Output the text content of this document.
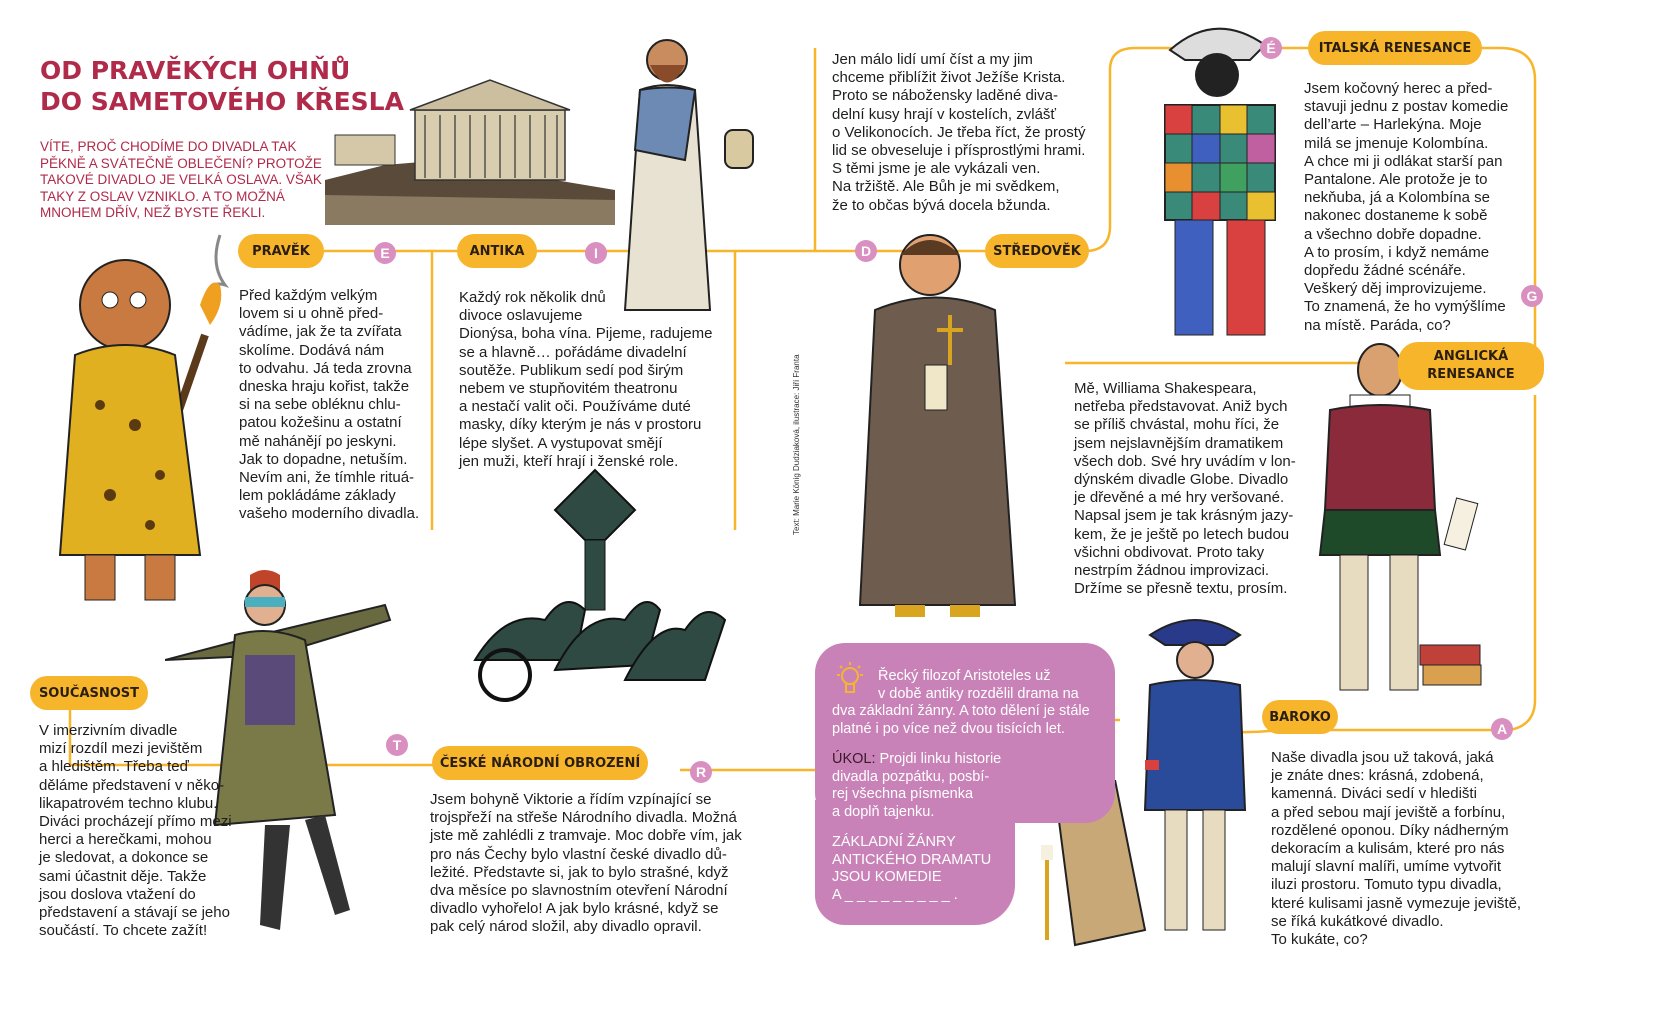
OD PRAVĚKÝCH OHŇŮ
DO SAMETOVÉHO KŘESLA
VÍTE, PROČ CHODÍME DO DIVADLA TAK
PĚKNĚ A SVÁTEČNĚ OBLEČENÍ? PROTOŽE
TAKOVÉ DIVADLO JE VELKÁ OSLAVA. VŠAK
TAKY Z OSLAV VZNIKLO. A TO MOŽNÁ
MNOHEM DŘÍV, NEŽ BYSTE ŘEKLI.
PRAVĚK	E	ANTIKA	I	D	STŘEDOVĚK
É	ITALSKÁ RENESANCE
G
ANGLICKÁ
RENESANCE
A
BAROKO
R
ČESKÉ NÁRODNÍ OBROZENÍ
T
SOUČASNOST
Před každým velkým
lovem si u ohně před-
vádíme, jak že ta zvířata
skolíme. Dodává nám
to odvahu. Já teda zrovna
dneska hraju kořist, takže
si na sebe obléknu chlu-
patou kožešinu a ostatní
mě nahánějí po jeskyni.
Jak to dopadne, netuším.
Nevím ani, že tímhle rituá-
lem pokládáme základy
vašeho moderního divadla.
Každý rok několik dnů
divoce oslavujeme
Dionýsa, boha vína. Pijeme, radujeme
se a hlavně… pořádáme divadelní
soutěže. Publikum sedí pod širým
nebem ve stupňovitém theatronu
a nestačí valit oči. Používáme duté
masky, díky kterým je nás v prostoru
lépe slyšet. A vystupovat smějí
jen muži, kteří hrají i ženské role.
Jen málo lidí umí číst a my jim
chceme přiblížit život Ježíše Krista.
Proto se nábožensky laděné diva-
delní kusy hrají v kostelích, zvlášť
o Velikonocích. Je třeba říct, že prostý
lid se obveseluje i přísprostlými hrami.
S těmi jsme je ale vykázali ven.
Na tržiště. Ale Bůh je mi svědkem,
že to občas bývá docela bžunda.
Jsem kočovný herec a před-
stavuji jednu z postav komedie
dell’arte – Harlekýna. Moje
milá se jmenuje Kolombína.
A chce mi ji odlákat starší pan
Pantalone. Ale protože je to
nekňuba, já a Kolombína se
nakonec dostaneme k sobě
a všechno dobře dopadne.
A to prosím, i když nemáme
dopředu žádné scénáře.
Veškerý děj improvizujeme.
To znamená, že ho vymýšlíme
na místě. Paráda, co?
Mě, Williama Shakespeara,
netřeba představovat. Aniž bych
se příliš chvástal, mohu říci, že
jsem nejslavnějším dramatikem
všech dob. Své hry uvádím v lon-
dýnském divadle Globe. Divadlo
je dřevěné a mé hry veršované.
Napsal jsem je tak krásným jazy-
kem, že je ještě po letech budou
všichni obdivovat. Proto taky
nestrpím žádnou improvizaci.
Držíme se přesně textu, prosím.
Naše divadla jsou už taková, jaká
je znáte dnes: krásná, zdobená,
kamenná. Diváci sedí v hledišti
a před sebou mají jeviště a forbínu,
rozdělené oponou. Díky nádherným
dekoracím a kulisám, které pro nás
malují slavní malíři, umíme vytvořit
iluzi prostoru. Tomuto typu divadla,
které kulisami jasně vymezuje jeviště,
se říká kukátkové divadlo.
To kukáte, co?
Jsem bohyně Viktorie a řídím vzpínající se
trojspřeží na střeše Národního divadla. Možná
jste mě zahlédli z tramvaje. Moc dobře vím, jak
pro nás Čechy bylo vlastní české divadlo dů-
ležité. Představte si, jak to bylo strašné, když
dva měsíce po slavnostním otevření Národní
divadlo vyhořelo! A jak bylo krásné, když se
pak celý národ složil, aby divadlo opravil.
V imerzivním divadle
mizí rozdíl mezi jevištěm
a hledištěm. Třeba teď
děláme představení v něko-
likapatrovém techno klubu.
Diváci procházejí přímo mezi
herci a herečkami, mohou
je sledovat, a dokonce se
sami účastnit děje. Takže
jsou doslova vtažení do
představení a stávají se jeho
součástí. To chcete zažít!
Text: Marie König Dudziaková, ilustrace: Jiří Franta
Řecký filozof Aristoteles už
v době antiky rozdělil drama na
dva základní žánry. A toto dělení je stále
platné i po více než dvou tisících let.
ÚKOL: Projdi linku historie
divadla pozpátku, posbí-
rej všechna písmenka
a doplň tajenku.
ZÁKLADNÍ ŽÁNRY
ANTICKÉHO DRAMATU
JSOU KOMEDIE
A _ _ _ _ _ _ _ _ _ .
